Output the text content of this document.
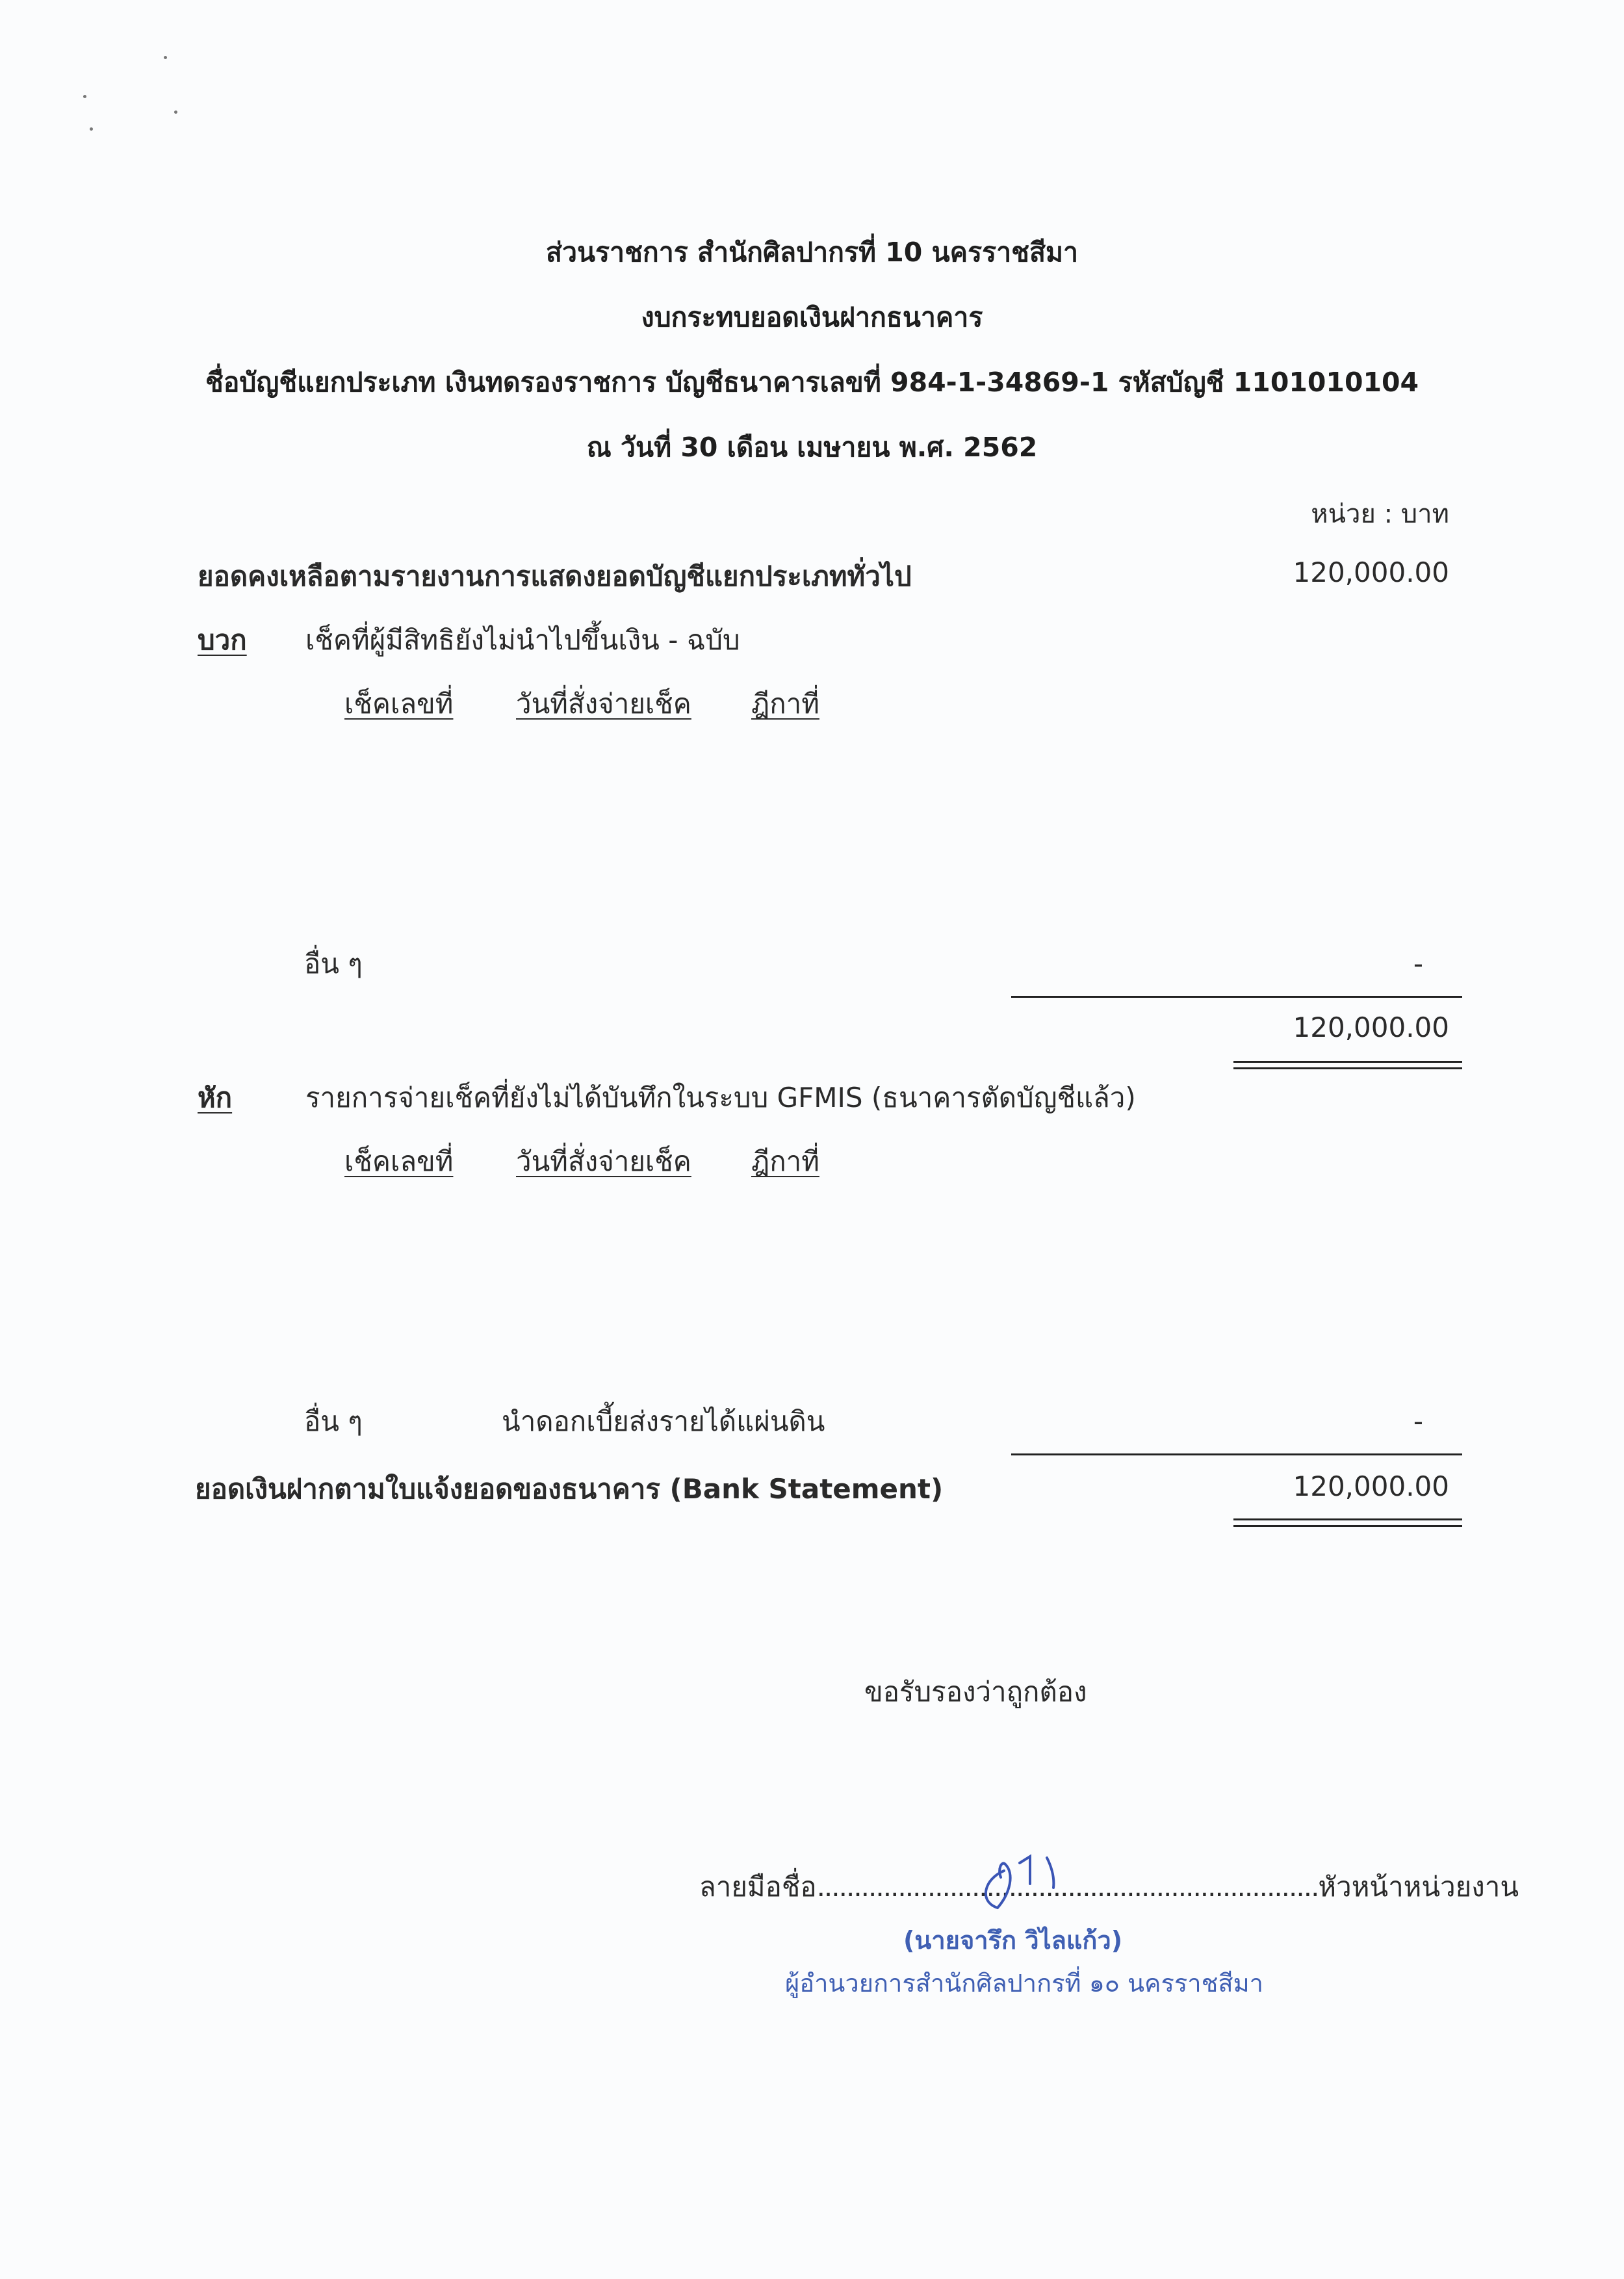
ส่วนราชการ สำนักศิลปากรที่ 10 นครราชสีมา
งบกระทบยอดเงินฝากธนาคาร
ชื่อบัญชีแยกประเภท เงินทดรองราชการ บัญชีธนาคารเลขที่ 984-1-34869-1 รหัสบัญชี 1101010104
ณ วันที่ 30 เดือน เมษายน พ.ศ. 2562
หน่วย : บาท
ยอดคงเหลือตามรายงานการแสดงยอดบัญชีแยกประเภททั่วไป	120,000.00
บวก เช็คที่ผู้มีสิทธิยังไม่นำไปขึ้นเงิน - ฉบับ
เช็คเลขที่ วันที่สั่งจ่ายเช็ค ฎีกาที่
อื่น ๆ	-
120,000.00
หัก	รายการจ่ายเช็คที่ยังไม่ได้บันทึกในระบบ GFMIS (ธนาคารตัดบัญชีแล้ว)
เช็คเลขที่ วันที่สั่งจ่ายเช็ค ฎีกาที่
อื่น ๆ	นำดอกเบี้ยส่งรายได้แผ่นดิน	-
ยอดเงินฝากตามใบแจ้งยอดของธนาคาร (Bank Statement)	120,000.00
ขอรับรองว่าถูกต้อง
ลายมือชื่อ....................................................................หัวหน้าหน่วยงาน
(นายจารึก วิไลแก้ว)
ผู้อำนวยการสำนักศิลปากรที่ ๑๐ นครราชสีมา
